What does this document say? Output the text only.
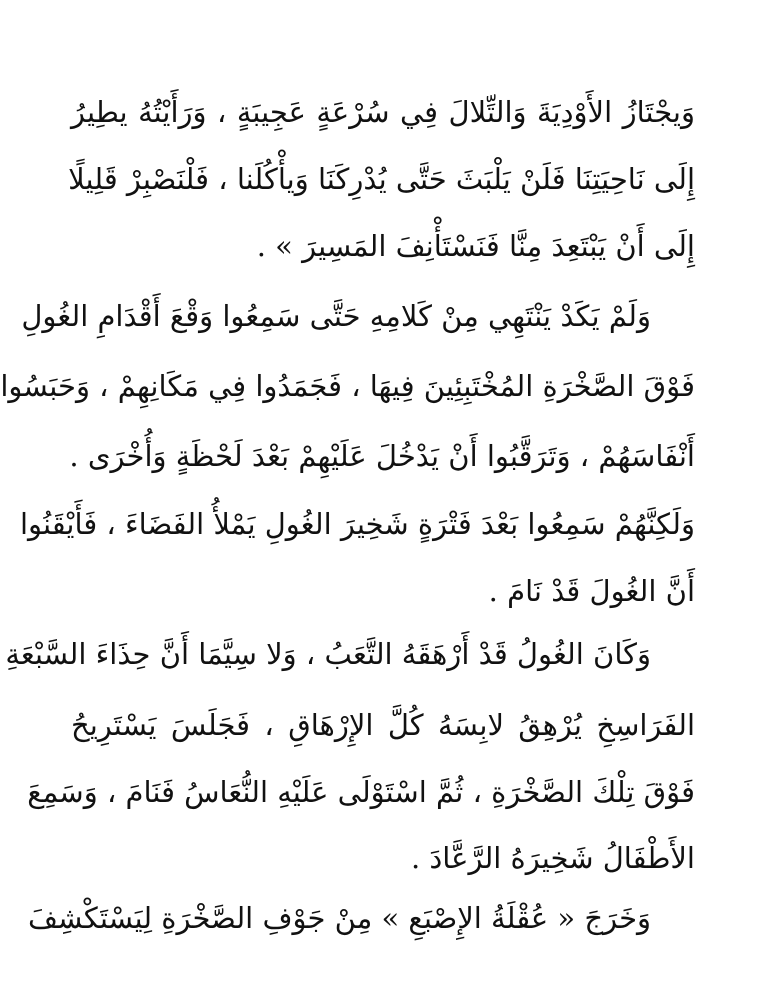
وَيجْتَازُ الأَوْدِيَةَ وَالتِّلالَ فِي سُرْعَةٍ عَجِيبَةٍ ، وَرَأَيْتُهُ يطِيرُ
إِلَى نَاحِيَتِنَا فَلَنْ يَلْبَثَ حَتَّى يُدْرِكَنَا وَيأْكُلَنا ، فَلْنَصْبِرْ قَلِيلًا
إِلَى أَنْ يَبْتَعِدَ مِنَّا فَنَسْتَأْنِفَ المَسِيرَ » .
وَلَمْ يَكَدْ يَنْتَهِي مِنْ كَلامِهِ حَتَّى سَمِعُوا وَقْعَ أَقْدَامِ الغُولِ
فَوْقَ الصَّخْرَةِ المُخْتَبِئِينَ فِيهَا ، فَجَمَدُوا فِي مَكَانِهِمْ ، وَحَبَسُوا
أَنْفَاسَهُمْ ، وَتَرَقَّبُوا أَنْ يَدْخُلَ عَلَيْهِمْ بَعْدَ لَحْظَةٍ وَأُخْرَى .
وَلَكِنَّهُمْ سَمِعُوا بَعْدَ فَتْرَةٍ شَخِيرَ الغُولِ يَمْلأُ الفَضَاءَ ، فَأَيْقَنُوا
أَنَّ الغُولَ قَدْ نَامَ .
وَكَانَ الغُولُ قَدْ أَرْهَقَهُ التَّعَبُ ، وَلا سِيَّمَا أَنَّ حِذَاءَ السَّبْعَةِ
الفَرَاسِخِ يُرْهِقُ لابِسَهُ كُلَّ الإِرْهَاقِ ، فَجَلَسَ يَسْتَرِيحُ
فَوْقَ تِلْكَ الصَّخْرَةِ ، ثُمَّ اسْتَوْلَى عَلَيْهِ النُّعَاسُ فَنَامَ ، وَسَمِعَ
الأَطْفَالُ شَخِيرَهُ الرَّعَّادَ .
وَخَرَجَ « عُقْلَةُ الإِصْبَعِ » مِنْ جَوْفِ الصَّخْرَةِ لِيَسْتَكْشِفَ
